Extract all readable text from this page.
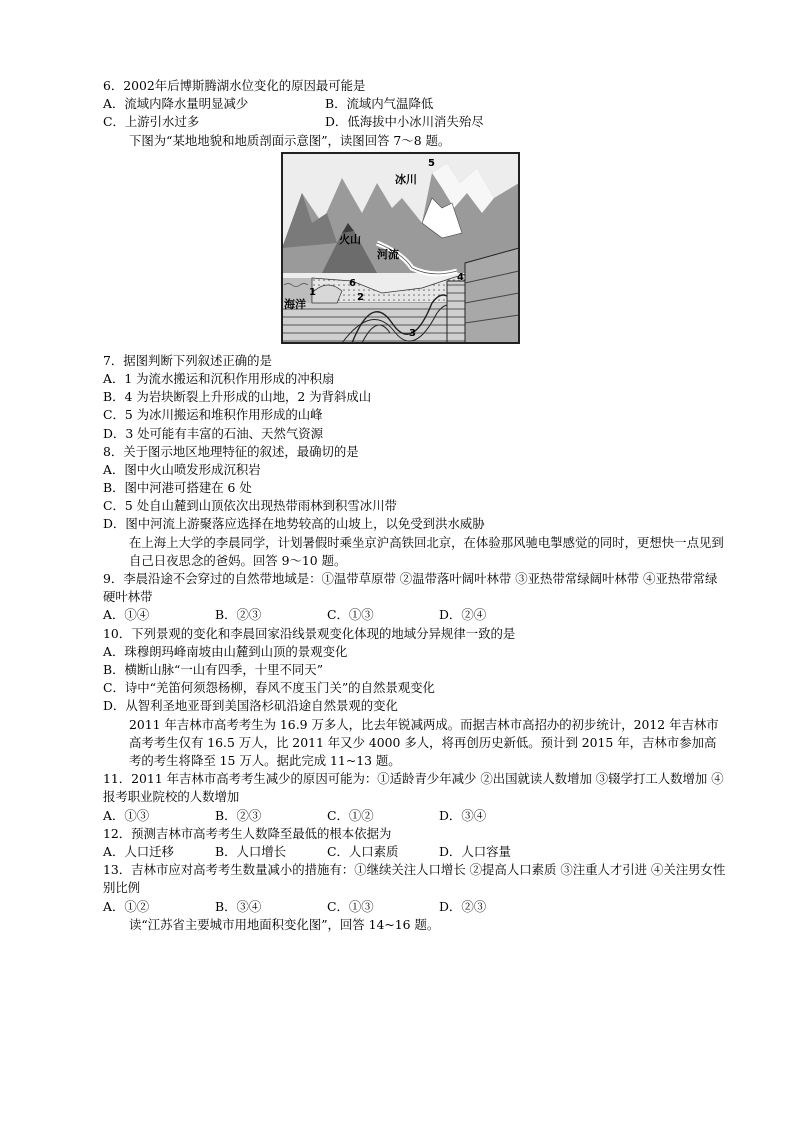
6．2002年后博斯腾湖水位变化的原因最可能是
A．流域内降水量明显减少	B．流域内气温降低
C．上游引水过多	D．低海拔中小冰川消失殆尽
下图为“某地地貌和地质剖面示意图”，读图回答 7～8 题。
冰川
5
火山
河流
海洋
1
6
2
3
4
7．据图判断下列叙述正确的是
A．1 为流水搬运和沉积作用形成的冲积扇
B．4 为岩块断裂上升形成的山地，2 为背斜成山
C．5 为冰川搬运和堆积作用形成的山峰
D．3 处可能有丰富的石油、天然气资源
8．关于图示地区地理特征的叙述，最确切的是
A．图中火山喷发形成沉积岩
B．图中河港可搭建在 6 处
C．5 处自山麓到山顶依次出现热带雨林到积雪冰川带
D．图中河流上游聚落应选择在地势较高的山坡上，以免受到洪水威胁
在上海上大学的李晨同学，计划暑假时乘坐京沪高铁回北京，在体验那风驰电掣感觉的同时，更想快一点见到自己日夜思念的爸妈。回答 9～10 题。
9．李晨沿途不会穿过的自然带地域是：①温带草原带 ②温带落叶阔叶林带 ③亚热带常绿阔叶林带 ④亚热带常绿硬叶林带
A．①④	B．②③	C．①③	D．②④
10．下列景观的变化和李晨回家沿线景观变化体现的地域分异规律一致的是
A．珠穆朗玛峰南坡由山麓到山顶的景观变化
B．横断山脉“一山有四季，十里不同天”
C．诗中“羌笛何须怨杨柳，春风不度玉门关”的自然景观变化
D．从智利圣地亚哥到美国洛杉矶沿途自然景观的变化
2011 年吉林市高考考生为 16.9 万多人，比去年锐减两成。而据吉林市高招办的初步统计，2012 年吉林市高考考生仅有 16.5 万人，比 2011 年又少 4000 多人，将再创历史新低。预计到 2015 年，吉林市参加高考的考生将降至 15 万人。据此完成 11~13 题。
11．2011 年吉林市高考考生减少的原因可能为：①适龄青少年减少 ②出国就读人数增加 ③辍学打工人数增加 ④报考职业院校的人数增加
A．①③	B．②③	C．①②	D．③④
12．预测吉林市高考考生人数降至最低的根本依据为
A．人口迁移	B．人口增长	C．人口素质	D．人口容量
13．吉林市应对高考考生数量减小的措施有：①继续关注人口增长 ②提高人口素质 ③注重人才引进 ④关注男女性别比例
A．①②	B．③④	C．①③	D．②③
读“江苏省主要城市用地面积变化图”，回答 14~16 题。
